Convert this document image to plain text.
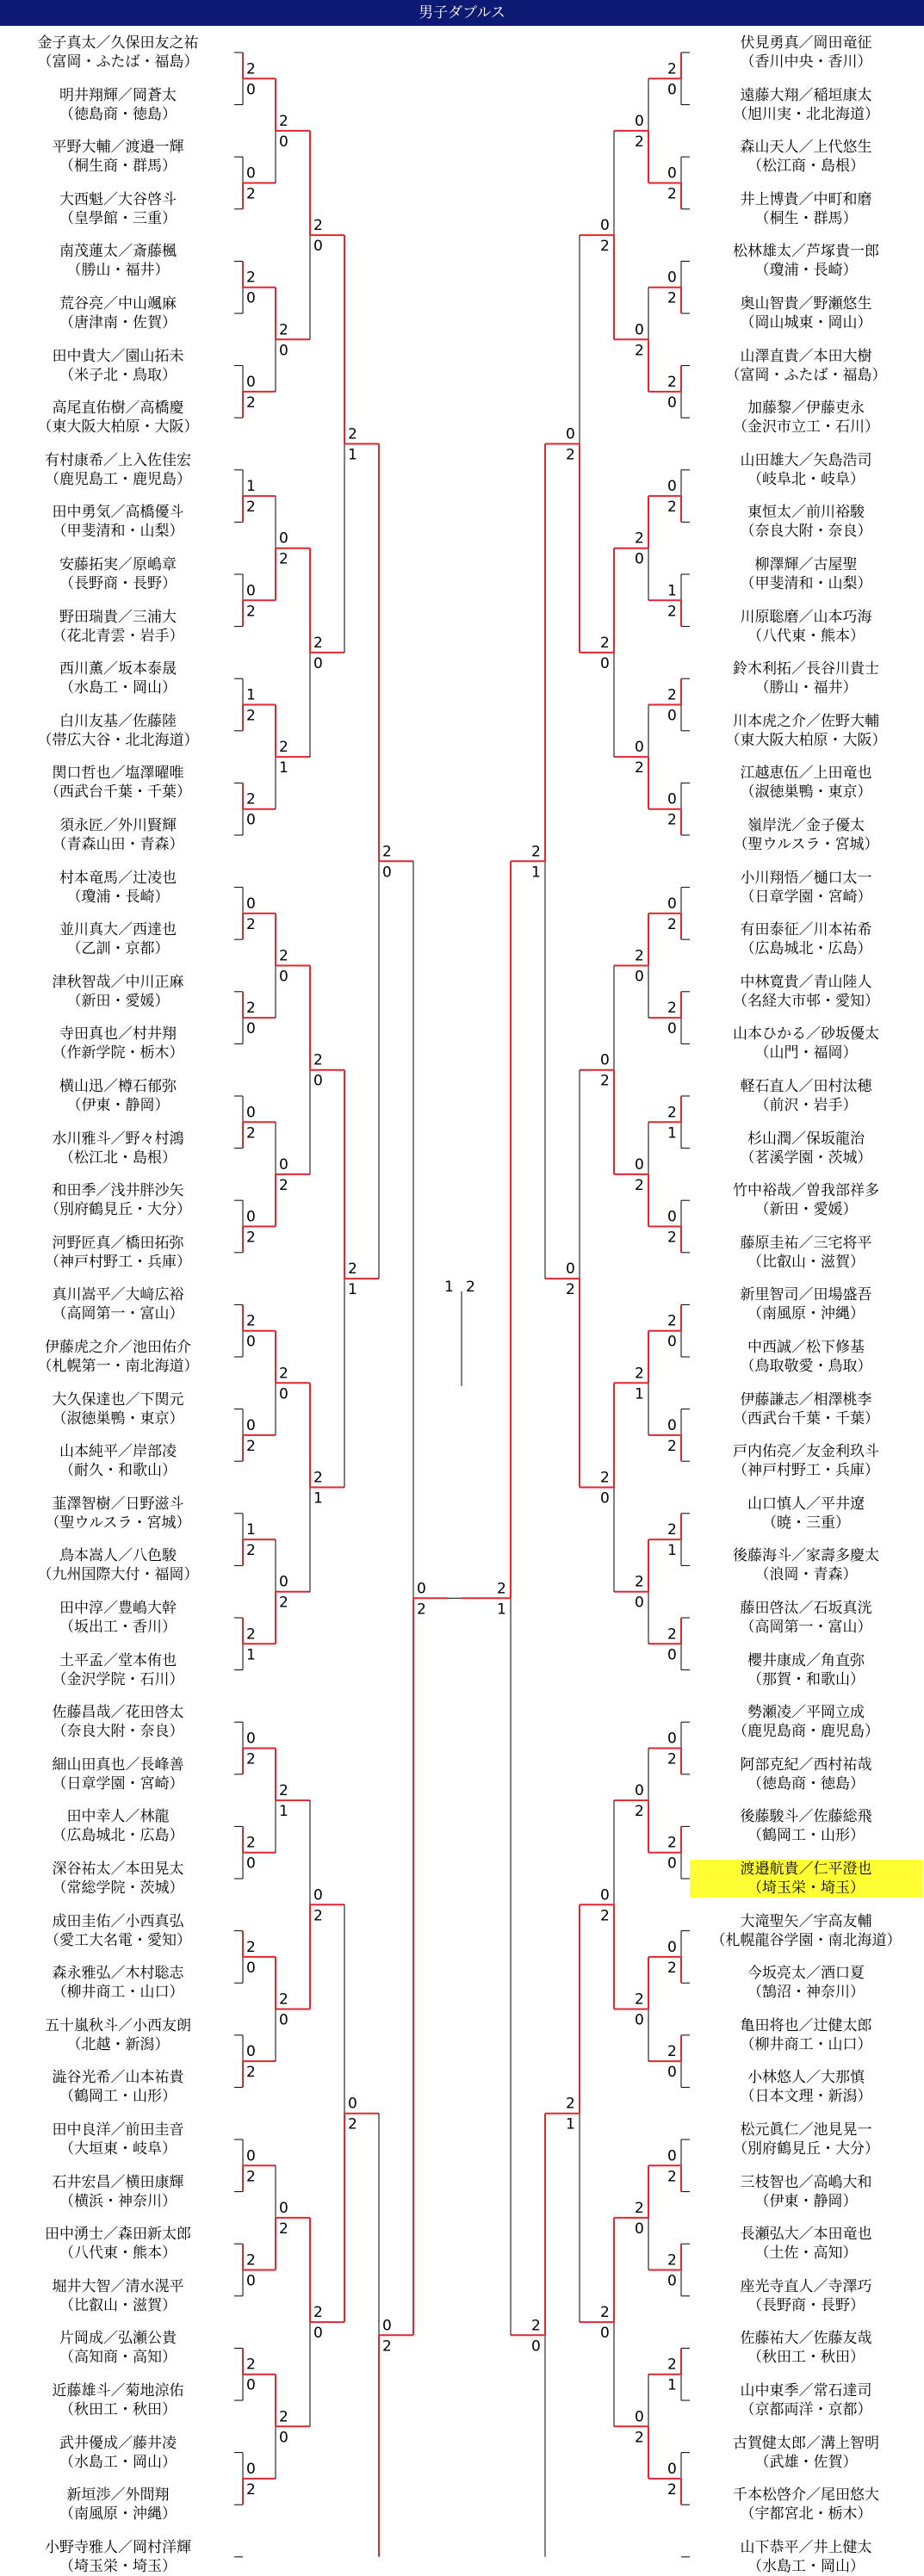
男子ダブルス
金子真太／久保田友之祐
（富岡・ふたば・福島）
明井翔輝／岡蒼太
（徳島商・徳島）
平野大輔／渡邉一輝
（桐生商・群馬）
大西魁／大谷啓斗
（皇學館・三重）
南茂蓮太／斎藤楓
（勝山・福井）
荒谷亮／中山颯麻
（唐津南・佐賀）
田中貴大／園山拓未
（米子北・鳥取）
高尾直佑樹／高橋慶
（東大阪大柏原・大阪）
有村康希／上入佐佳宏
（鹿児島工・鹿児島）
田中勇気／高橋優斗
（甲斐清和・山梨）
安藤拓実／原嶋章
（長野商・長野）
野田瑞貴／三浦大
（花北青雲・岩手）
西川薫／坂本泰晟
（水島工・岡山）
白川友基／佐藤陸
（帯広大谷・北北海道）
関口哲也／塩澤曜唯
（西武台千葉・千葉）
須永匠／外川賢輝
（青森山田・青森）
村本竜馬／辻凌也
（瓊浦・長崎）
並川真大／西達也
（乙訓・京都）
津秋智哉／中川正麻
（新田・愛媛）
寺田真也／村井翔
（作新学院・栃木）
横山迅／樽石郁弥
（伊東・静岡）
水川雅斗／野々村鴻
（松江北・島根）
和田季／浅井胖沙矢
（別府鶴見丘・大分）
河野匠真／橋田拓弥
（神戸村野工・兵庫）
真川嵩平／大﨑広裕
（高岡第一・富山）
伊藤虎之介／池田佑介
（札幌第一・南北海道）
大久保達也／下関元
（淑徳巣鴨・東京）
山本純平／岸部凌
（耐久・和歌山）
韮澤智樹／日野滋斗
（聖ウルスラ・宮城）
鳥本嵩人／八色駿
（九州国際大付・福岡）
田中淳／豊嶋大幹
（坂出工・香川）
土平孟／堂本侑也
（金沢学院・石川）
佐藤昌哉／花田啓太
（奈良大附・奈良）
細山田真也／長峰善
（日章学園・宮崎）
田中幸人／林龍
（広島城北・広島）
深谷祐太／本田晃太
（常総学院・茨城）
成田圭佑／小西真弘
（愛工大名電・愛知）
森永雅弘／木村聡志
（柳井商工・山口）
五十嵐秋斗／小西友朗
（北越・新潟）
澁谷光希／山本祐貴
（鶴岡工・山形）
田中良洋／前田圭音
（大垣東・岐阜）
石井宏昌／横田康輝
（横浜・神奈川）
田中湧士／森田新太郎
（八代東・熊本）
堀井大智／清水滉平
（比叡山・滋賀）
片岡成／弘瀬公貴
（高知商・高知）
近藤雄斗／菊地涼佑
（秋田工・秋田）
武井優成／藤井凌
（水島工・岡山）
新垣渉／外間翔
（南風原・沖縄）
小野寺雅人／岡村洋輝
（埼玉栄・埼玉）
伏見勇真／岡田竜征
（香川中央・香川）
遠藤大翔／稲垣康太
（旭川実・北北海道）
森山天人／上代悠生
（松江商・島根）
井上博貴／中町和磨
（桐生・群馬）
松林雄太／芦塚貴一郎
（瓊浦・長崎）
奥山智貴／野瀬悠生
（岡山城東・岡山）
山澤直貴／本田大樹
（富岡・ふたば・福島）
加藤黎／伊藤吏永
（金沢市立工・石川）
山田雄大／矢島浩司
（岐阜北・岐阜）
東恒太／前川裕駿
（奈良大附・奈良）
柳澤輝／古屋聖
（甲斐清和・山梨）
川原聡磨／山本巧海
（八代東・熊本）
鈴木利拓／長谷川貴士
（勝山・福井）
川本虎之介／佐野大輔
（東大阪大柏原・大阪）
江越恵伍／上田竜也
（淑徳巣鴨・東京）
嶺岸洸／金子優太
（聖ウルスラ・宮城）
小川翔悟／樋口太一
（日章学園・宮崎）
有田泰征／川本祐希
（広島城北・広島）
中林寛貴／青山陸人
（名経大市邨・愛知）
山本ひかる／砂坂優太
（山門・福岡）
軽石直人／田村汰穂
（前沢・岩手）
杉山潤／保坂龍治
（茗溪学園・茨城）
竹中裕哉／曽我部祥多
（新田・愛媛）
藤原圭祐／三宅将平
（比叡山・滋賀）
新里智司／田場盛吾
（南風原・沖縄）
中西誠／松下修基
（鳥取敬愛・鳥取）
伊藤謙志／相澤桃李
（西武台千葉・千葉）
戸内佑亮／友金利玖斗
（神戸村野工・兵庫）
山口慎人／平井遼
（暁・三重）
後藤海斗／家壽多慶太
（浪岡・青森）
藤田啓汰／石坂真洸
（高岡第一・富山）
櫻井康成／角直弥
（那賀・和歌山）
勢瀬凌／平岡立成
（鹿児島商・鹿児島）
阿部克紀／西村祐哉
（徳島商・徳島）
後藤駿斗／佐藤総飛
（鶴岡工・山形）
渡邉航貴／仁平澄也
（埼玉栄・埼玉）
大滝聖矢／宇高友輔
（札幌龍谷学園・南北海道）
今坂亮太／酒口夏
（鵠沼・神奈川）
亀田将也／辻健太郎
（柳井商工・山口）
小林悠人／大那慎
（日本文理・新潟）
松元眞仁／池見晃一
（別府鶴見丘・大分）
三枝智也／高嶋大和
（伊東・静岡）
長瀬弘大／本田竜也
（土佐・高知）
座光寺直人／寺澤巧
（長野商・長野）
佐藤祐大／佐藤友哉
（秋田工・秋田）
山中東季／常石達司
（京都両洋・京都）
古賀健太郎／溝上智明
（武雄・佐賀）
千本松啓介／尾田悠大
（宇都宮北・栃木）
山下恭平／井上健太
（水島工・岡山）
2
0
0
2
2
0
0
2
1
2
0
2
1
2
2
0
0
2
2
0
0
2
0
2
2
0
0
2
1
2
2
1
0
2
2
0
2
0
0
2
0
2
2
0
2
0
0
2
2
0
2
0
0
2
2
1
2
0
0
2
2
0
0
2
2
1
2
0
0
2
2
0
2
0
2
0
2
0
2
1
0
2
2
0
2
1
2
1
0
2
2
0
0
2
0
2
2
0
0
2
0
2
2
0
0
2
1
2
2
0
0
2
0
2
2
0
2
1
0
2
2
0
0
2
2
1
2
0
0
2
2
0
0
2
2
0
0
2
2
0
2
1
0
2
0
2
0
2
2
0
0
2
2
0
0
2
2
1
2
0
0
2
2
0
2
0
0
2
0
2
2
0
0
2
2
0
0
2
2
0
0
2
0
2
2
1
2
1
2
0
2
1
1 2
